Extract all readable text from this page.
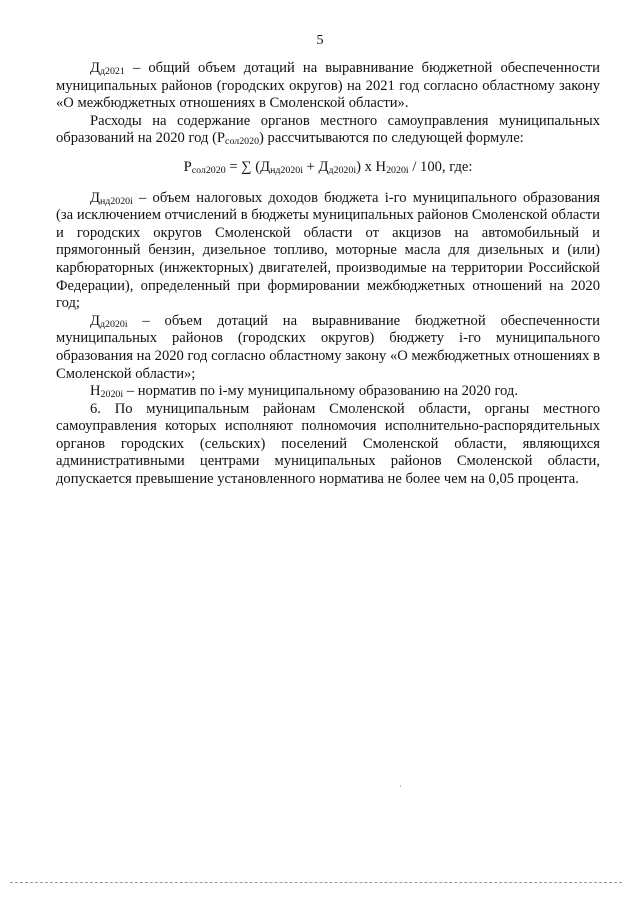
5

$Д_{д2021}$ – общий объем дотаций на выравнивание бюджетной обеспеченности муниципальных районов (городских округов) на 2021 год согласно областному закону «О межбюджетных отношениях в Смоленской области».

Расходы на содержание органов местного самоуправления муниципальных образований на 2020 год $(Р_{сол2020})$ рассчитываются по следующей формуле:

$Р_{сол2020}$ = ∑ $(Д_{нд2020i} + Д_{д2020i})$ х $Н_{2020i} / 100$, где:

$Д_{нд2020i}$ – объем налоговых доходов бюджета i-го муниципального образования (за исключением отчислений в бюджеты муниципальных районов Смоленской области и городских округов Смоленской области от акцизов на автомобильный и прямогонный бензин, дизельное топливо, моторные масла для дизельных и (или) карбюраторных (инжекторных) двигателей, производимые на территории Российской Федерации), определенный при формировании межбюджетных отношений на 2020 год;

$Д_{д2020i}$ – объем дотаций на выравнивание бюджетной обеспеченности муниципальных районов (городских округов) бюджету i-го муниципального образования на 2020 год согласно областному закону «О межбюджетных отношениях в Смоленской области»;

$Н_{2020i}$ – норматив по i-му муниципальному образованию на 2020 год.

6. По муниципальным районам Смоленской области, органы местного самоуправления которых исполняют полномочия исполнительно-распорядительных органов городских (сельских) поселений Смоленской области, являющихся административными центрами муниципальных районов Смоленской области, допускается превышение установленного норматива не более чем на 0,05 процента.
